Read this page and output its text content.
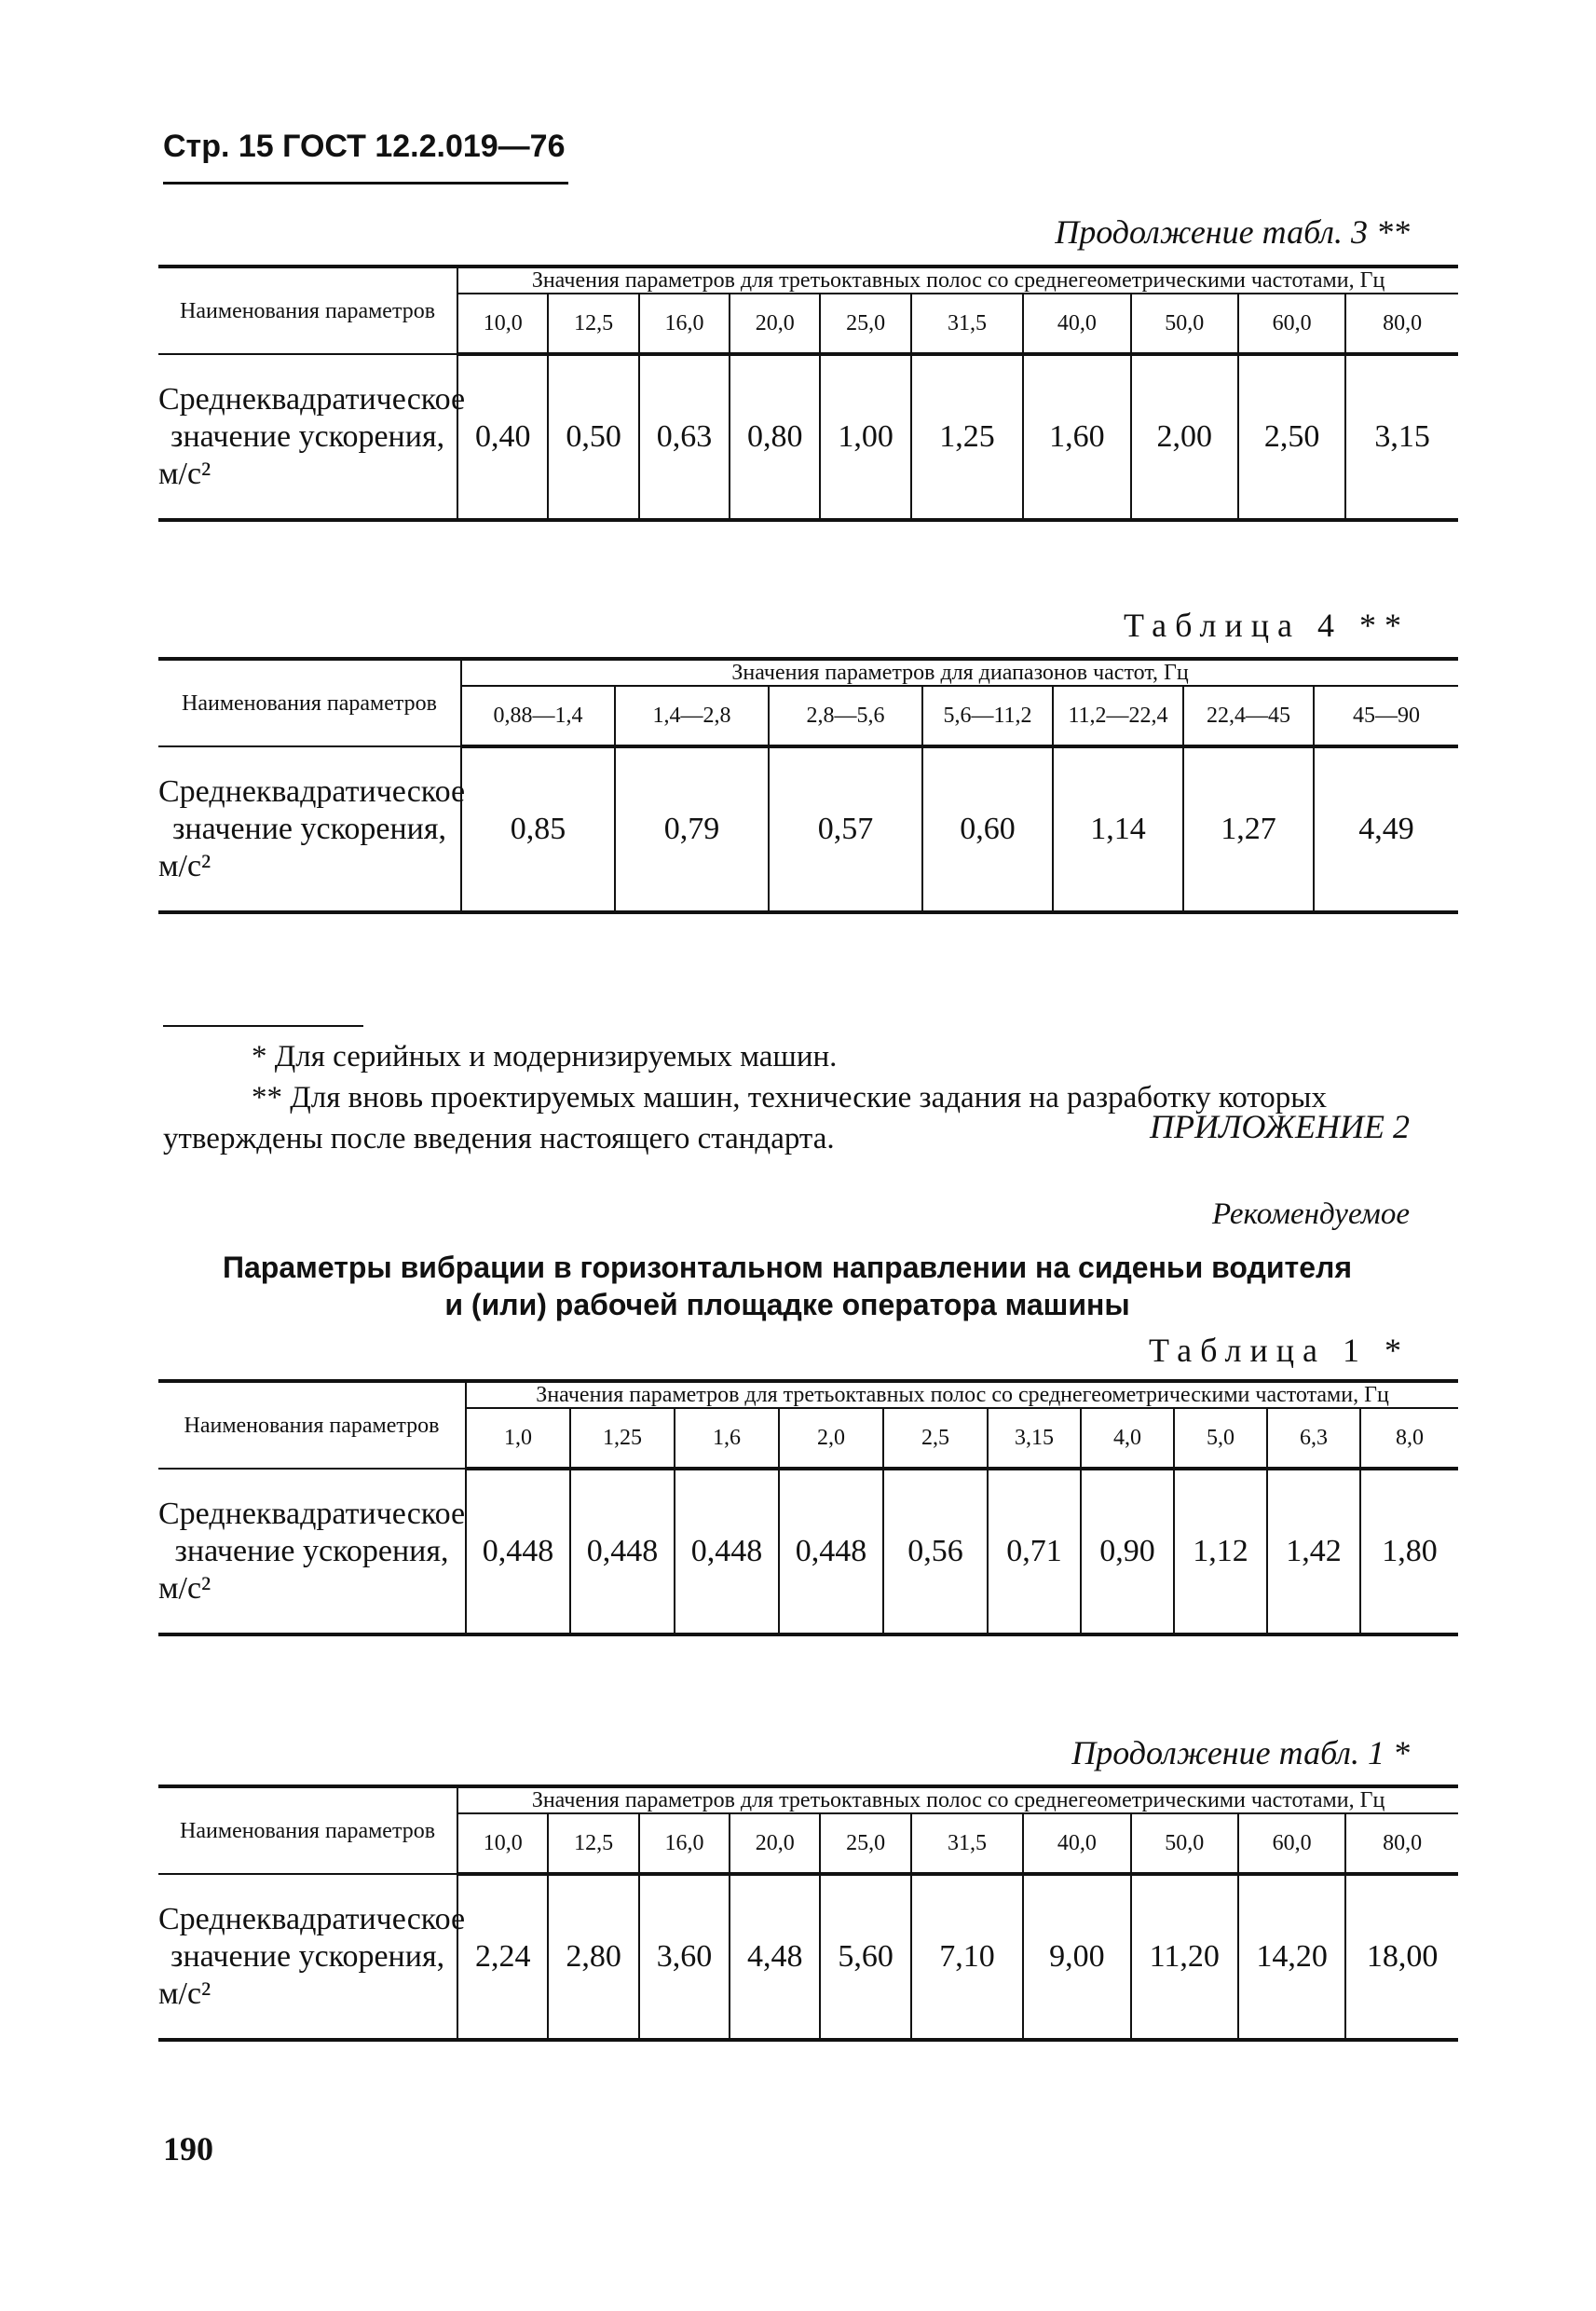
Стр. 15 ГОСТ 12.2.019—76
Продолжение табл. 3 **
Наименования параметров	Значения параметров для третьоктавных полос со среднегеометрическими частотами, Гц									
	10,0	12,5	16,0	20,0	25,0	31,5	40,0	50,0	60,0	80,0
Среднеквадратическое значение ускорения, м/с²	0,40	0,50	0,63	0,80	1,00	1,25	1,60	2,00	2,50	3,15
Таблица 4 **
Наименования параметров	Значения параметров для диапазонов частот, Гц						
	0,88—1,4	1,4—2,8	2,8—5,6	5,6—11,2	11,2—22,4	22,4—45	45—90
Среднеквадратическое значение ускорения, м/с²	0,85	0,79	0,57	0,60	1,14	1,27	4,49

* Для серийных и модернизируемых машин.

** Для вновь проектируемых машин, технические задания на разработку которых утверждены после введения настоящего стандарта.	ПРИЛОЖЕНИЕ 2
Рекомендуемое
Параметры вибрации в горизонтальном направлении на сиденьи водителя
и (или) рабочей площадке оператора машины
Таблица 1 *
Наименования параметров	Значения параметров для третьоктавных полос со среднегеометрическими частотами, Гц									
	1,0	1,25	1,6	2,0	2,5	3,15	4,0	5,0	6,3	8,0
Среднеквадратическое значение ускорения, м/с²	0,448	0,448	0,448	0,448	0,56	0,71	0,90	1,12	1,42	1,80
Продолжение табл. 1 *
Наименования параметров	Значения параметров для третьоктавных полос со среднегеометрическими частотами, Гц									
	10,0	12,5	16,0	20,0	25,0	31,5	40,0	50,0	60,0	80,0
Среднеквадратическое значение ускорения, м/с²	2,24	2,80	3,60	4,48	5,60	7,10	9,00	11,20	14,20	18,00
190
